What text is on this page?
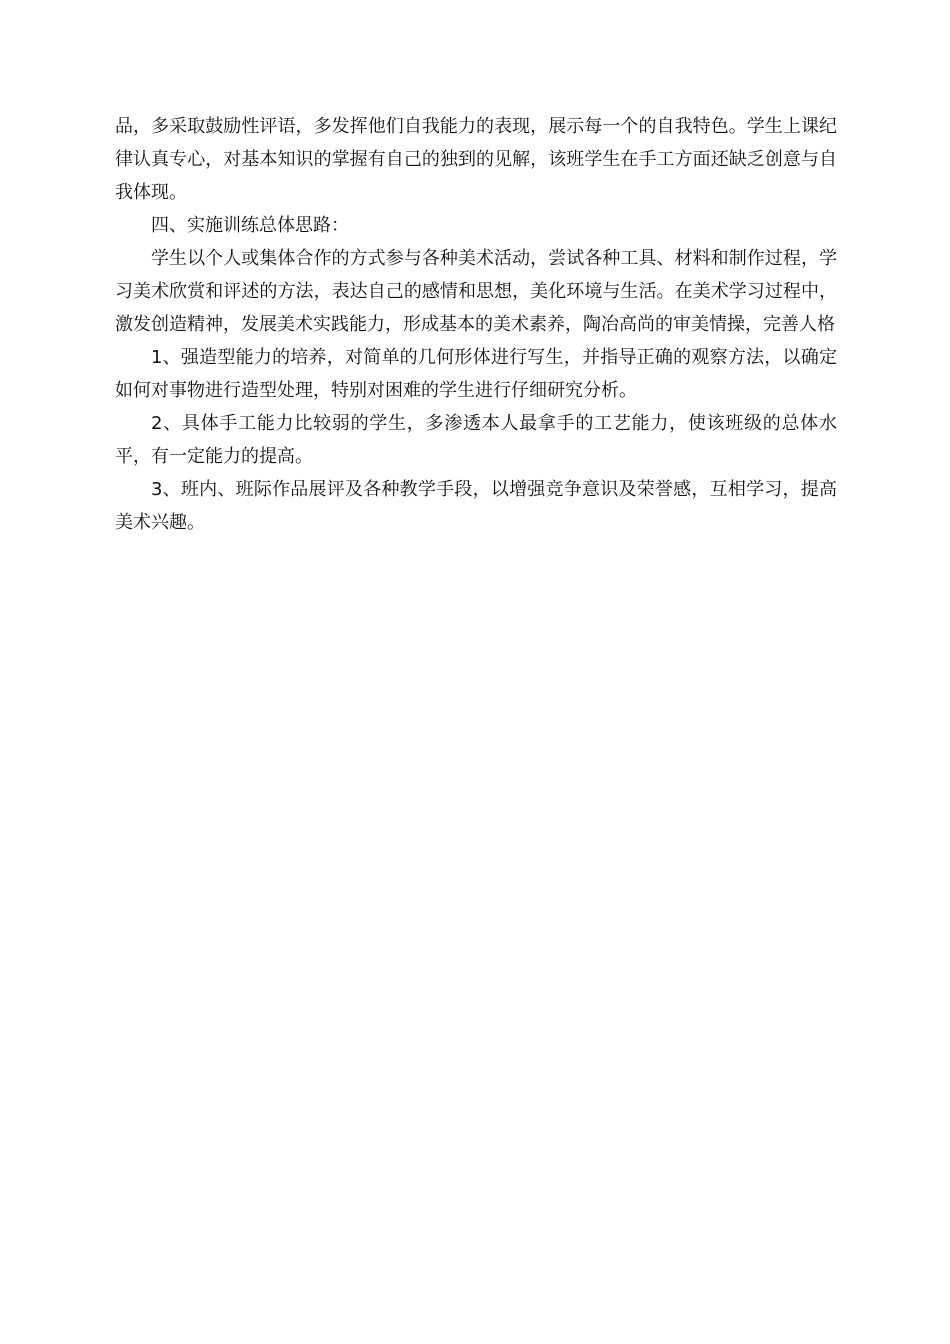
品，多采取鼓励性评语，多发挥他们自我能力的表现，展示每一个的自我特色。学生上课纪律认真专心，对基本知识的掌握有自己的独到的见解，该班学生在手工方面还缺乏创意与自我体现。

四、实施训练总体思路：

学生以个人或集体合作的方式参与各种美术活动，尝试各种工具、材料和制作过程，学习美术欣赏和评述的方法，表达自己的感情和思想，美化环境与生活。在美术学习过程中，激发创造精神，发展美术实践能力，形成基本的美术素养，陶冶高尚的审美情操，完善人格

1、强造型能力的培养，对简单的几何形体进行写生，并指导正确的观察方法，以确定如何对事物进行造型处理，特别对困难的学生进行仔细研究分析。

2、具体手工能力比较弱的学生，多渗透本人最拿手的工艺能力，使该班级的总体水平，有一定能力的提高。

3、班内、班际作品展评及各种教学手段，以增强竞争意识及荣誉感，互相学习，提高美术兴趣。
